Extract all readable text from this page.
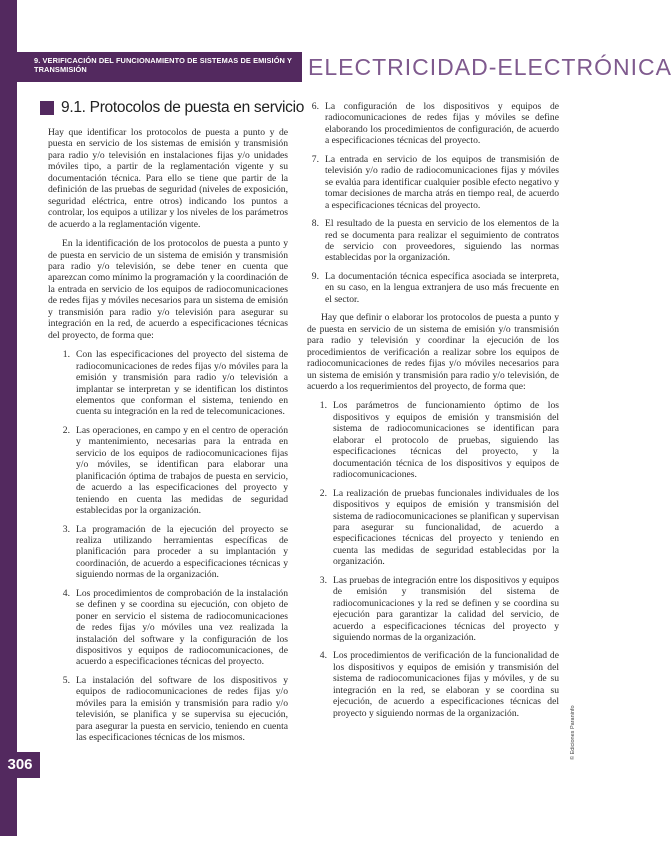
306
9. VERIFICACIÓN DEL FUNCIONAMIENTO DE SISTEMAS DE EMISIÓN Y TRANSMISIÓN	ELECTRICIDAD-ELECTRÓNICA
9.1. Protocolos de puesta en servicio

Hay que identificar los protocolos de puesta a punto y de puesta en servicio de los sistemas de emisión y transmisión para radio y/o televisión en instalaciones fijas y/o unidades móviles tipo, a partir de la reglamentación vigente y su documentación técnica. Para ello se tiene que partir de la definición de las pruebas de seguridad (niveles de exposición, seguridad eléctrica, entre otros) indicando los puntos a controlar, los equipos a utilizar y los niveles de los parámetros de acuerdo a la reglamentación vigente.

En la identificación de los protocolos de puesta a punto y de puesta en servicio de un sistema de emisión y transmisión para radio y/o televisión, se debe tener en cuenta que aparezcan como mínimo la programación y la coordinación de la entrada en servicio de los equipos de radiocomunicaciones de redes fijas y móviles necesarios para un sistema de emisión y transmisión para radio y/o televisión para asegurar su integración en la red, de acuerdo a especificaciones técnicas del proyecto, de forma que:

1. Con las especificaciones del proyecto del sistema de radiocomunicaciones de redes fijas y/o móviles para la emisión y transmisión para radio y/o televisión a implantar se interpretan y se identifican los distintos elementos que conforman el sistema, teniendo en cuenta su integración en la red de telecomunicaciones.
2. Las operaciones, en campo y en el centro de operación y mantenimiento, necesarias para la entrada en servicio de los equipos de radiocomunicaciones fijas y/o móviles, se identifican para elaborar una planificación óptima de trabajos de puesta en servicio, de acuerdo a las especificaciones del proyecto y teniendo en cuenta las medidas de seguridad establecidas por la organización.
3. La programación de la ejecución del proyecto se realiza utilizando herramientas específicas de planificación para proceder a su implantación y coordinación, de acuerdo a especificaciones técnicas y siguiendo normas de la organización.
4. Los procedimientos de comprobación de la instalación se definen y se coordina su ejecución, con objeto de poner en servicio el sistema de radiocomunicaciones de redes fijas y/o móviles una vez realizada la instalación del software y la configuración de los dispositivos y equipos de radiocomunicaciones, de acuerdo a especificaciones técnicas del proyecto.
5. La instalación del software de los dispositivos y equipos de radiocomunicaciones de redes fijas y/o móviles para la emisión y transmisión para radio y/o televisión, se planifica y se supervisa su ejecución, para asegurar la puesta en servicio, teniendo en cuenta las especificaciones técnicas de los mismos.
6. La configuración de los dispositivos y equipos de radiocomunicaciones de redes fijas y móviles se define elaborando los procedimientos de configuración, de acuerdo a especificaciones técnicas del proyecto.
7. La entrada en servicio de los equipos de transmisión de televisión y/o radio de radiocomunicaciones fijas y móviles se evalúa para identificar cualquier posible efecto negativo y tomar decisiones de marcha atrás en tiempo real, de acuerdo a especificaciones técnicas del proyecto.
8. El resultado de la puesta en servicio de los elementos de la red se documenta para realizar el seguimiento de contratos de servicio con proveedores, siguiendo las normas establecidas por la organización.
9. La documentación técnica específica asociada se interpreta, en su caso, en la lengua extranjera de uso más frecuente en el sector.

Hay que definir o elaborar los protocolos de puesta a punto y de puesta en servicio de un sistema de emisión y/o transmisión para radio y televisión y coordinar la ejecución de los procedimientos de verificación a realizar sobre los equipos de radiocomunicaciones de redes fijas y/o móviles necesarios para un sistema de emisión y transmisión para radio y/o televisión, de acuerdo a los requerimientos del proyecto, de forma que:

1. Los parámetros de funcionamiento óptimo de los dispositivos y equipos de emisión y transmisión del sistema de radiocomunicaciones se identifican para elaborar el protocolo de pruebas, siguiendo las especificaciones técnicas del proyecto, y la documentación técnica de los dispositivos y equipos de radiocomunicaciones.
2. La realización de pruebas funcionales individuales de los dispositivos y equipos de emisión y transmisión del sistema de radiocomunicaciones se planifican y supervisan para asegurar su funcionalidad, de acuerdo a especificaciones técnicas del proyecto y teniendo en cuenta las medidas de seguridad establecidas por la organización.
3. Las pruebas de integración entre los dispositivos y equipos de emisión y transmisión del sistema de radiocomunicaciones y la red se definen y se coordina su ejecución para garantizar la calidad del servicio, de acuerdo a especificaciones técnicas del proyecto y siguiendo normas de la organización.
4. Los procedimientos de verificación de la funcionalidad de los dispositivos y equipos de emisión y transmisión del sistema de radiocomunicaciones fijas y móviles, y de su integración en la red, se elaboran y se coordina su ejecución, de acuerdo a especificaciones técnicas del proyecto y siguiendo normas de la organización.	© Ediciones Paraninfo
